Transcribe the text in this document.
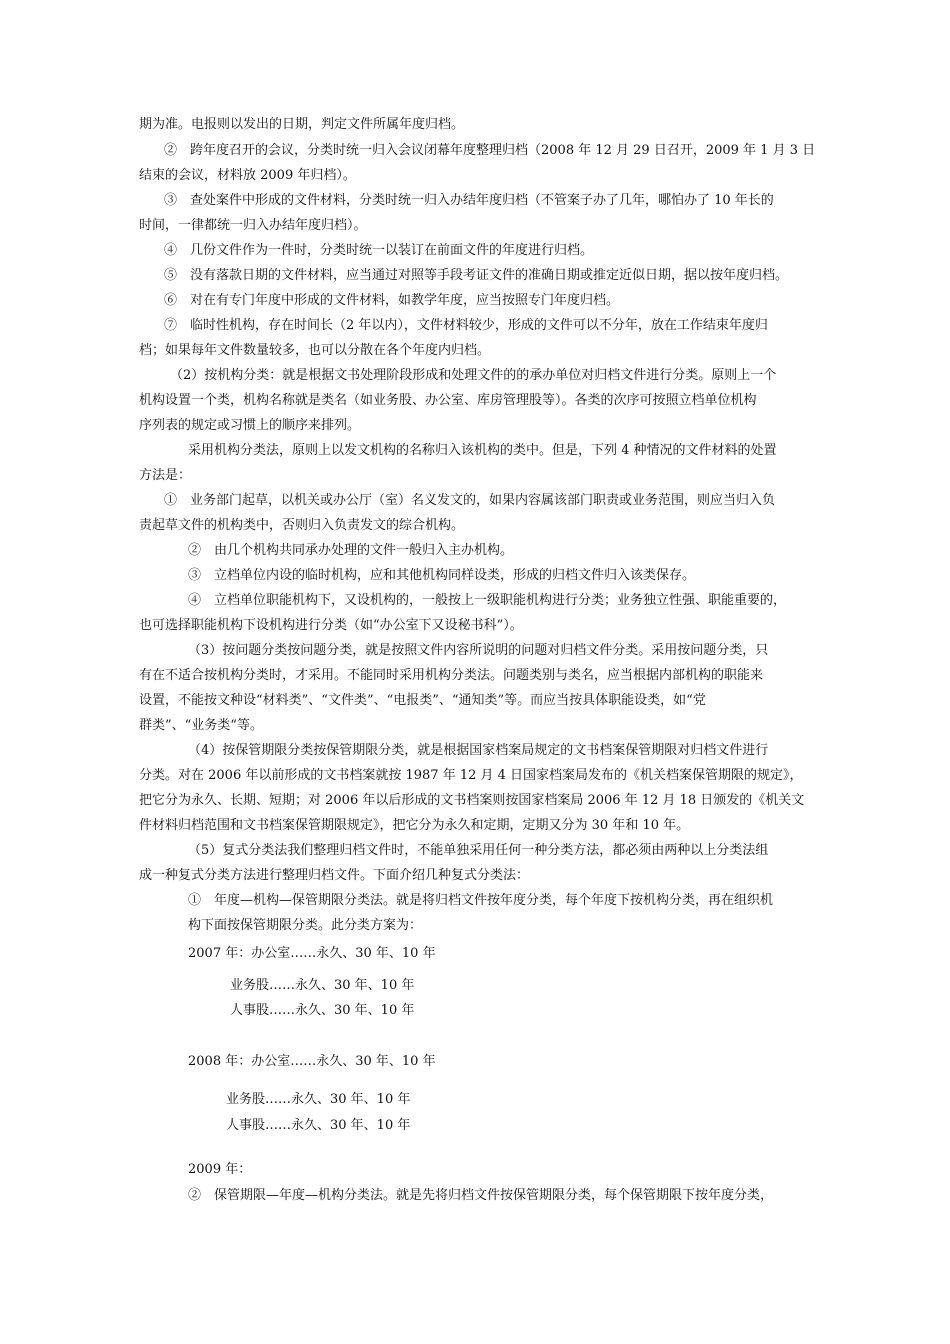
期为准。电报则以发出的日期，判定文件所属年度归档。
②　跨年度召开的会议，分类时统一归入会议闭幕年度整理归档（2008 年 12 月 29 日召开，2009 年 1 月 3 日
结束的会议，材料放 2009 年归档）。
③　查处案件中形成的文件材料，分类时统一归入办结年度归档（不管案子办了几年，哪怕办了 10 年长的
时间，一律都统一归入办结年度归档）。
④　几份文件作为一件时，分类时统一以装订在前面文件的年度进行归档。
⑤　没有落款日期的文件材料，应当通过对照等手段考证文件的准确日期或推定近似日期，据以按年度归档。
⑥　对在有专门年度中形成的文件材料，如教学年度，应当按照专门年度归档。
⑦　临时性机构，存在时间长（2 年以内），文件材料较少，形成的文件可以不分年，放在工作结束年度归
档；如果每年文件数量较多，也可以分散在各个年度内归档。
（2）按机构分类：就是根据文书处理阶段形成和处理文件的的承办单位对归档文件进行分类。原则上一个
机构设置一个类，机构名称就是类名（如业务股、办公室、库房管理股等）。各类的次序可按照立档单位机构
序列表的规定或习惯上的顺序来排列。
采用机构分类法，原则上以发文机构的名称归入该机构的类中。但是，下列 4 种情况的文件材料的处置
方法是：
①　业务部门起草，以机关或办公厅（室）名义发文的，如果内容属该部门职责或业务范围，则应当归入负
责起草文件的机构类中，否则归入负责发文的综合机构。
②　由几个机构共同承办处理的文件一般归入主办机构。
③　立档单位内设的临时机构，应和其他机构同样设类，形成的归档文件归入该类保存。
④　立档单位职能机构下，又设机构的，一般按上一级职能机构进行分类；业务独立性强、职能重要的，
也可选择职能机构下设机构进行分类（如“办公室下又设秘书科”）。
（3）按问题分类按问题分类，就是按照文件内容所说明的问题对归档文件分类。采用按问题分类，只
有在不适合按机构分类时，才采用。不能同时采用机构分类法。问题类别与类名，应当根据内部机构的职能来
设置，不能按文种设“材料类”、“文件类”、“电报类”、“通知类”等。而应当按具体职能设类，如“党
群类”、“业务类“等。
（4）按保管期限分类按保管期限分类，就是根据国家档案局规定的文书档案保管期限对归档文件进行
分类。对在 2006 年以前形成的文书档案就按 1987 年 12 月 4 日国家档案局发布的《机关档案保管期限的规定》，
把它分为永久、长期、短期；对 2006 年以后形成的文书档案则按国家档案局 2006 年 12 月 18 日颁发的《机关文
件材料归档范围和文书档案保管期限规定》，把它分为永久和定期，定期又分为 30 年和 10 年。
（5）复式分类法我们整理归档文件时，不能单独采用任何一种分类方法，都必须由两种以上分类法组
成一种复式分类方法进行整理归档文件。下面介绍几种复式分类法：
①　年度—机构—保管期限分类法。就是将归档文件按年度分类，每个年度下按机构分类，再在组织机
构下面按保管期限分类。此分类方案为：
2007 年：办公室……永久、30 年、10 年
业务股……永久、30 年、10 年
人事股……永久、30 年、10 年
2008 年：办公室……永久、30 年、10 年
业务股……永久、30 年、10 年
人事股……永久、30 年、10 年
2009 年：
②　保管期限—年度—机构分类法。就是先将归档文件按保管期限分类，每个保管期限下按年度分类，
